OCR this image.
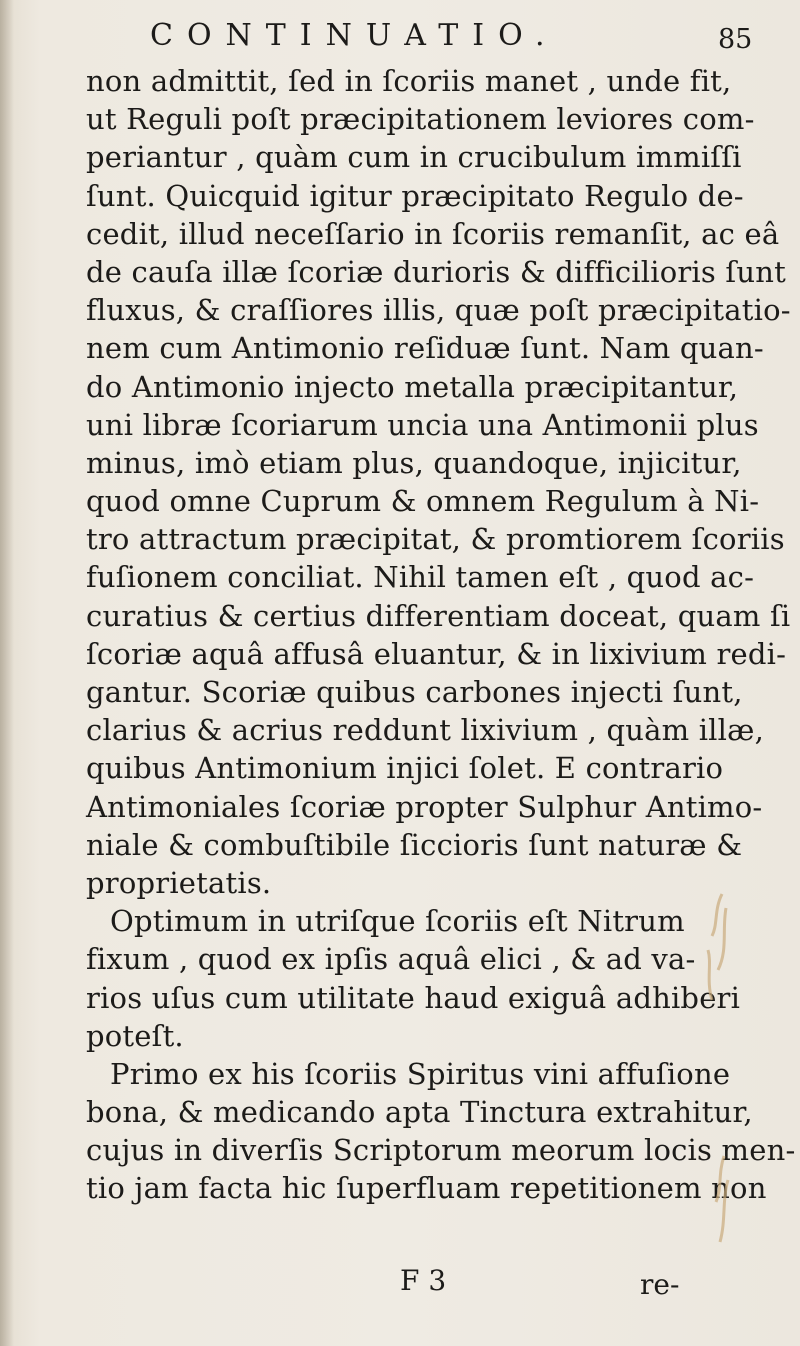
CONTINUATIO.	85
non admittit, ſed in ſcoriis manet , unde fit,
ut Reguli poſt præcipitationem leviores com-
periantur , quàm cum in crucibulum immiſſi
ſunt. Quicquid igitur præcipitato Regulo de-
cedit, illud neceſſario in ſcoriis remanſit, ac eâ
de cauſa illæ ſcoriæ durioris & difficilioris ſunt
fluxus, & craſſiores illis, quæ poſt præcipitatio-
nem cum Antimonio reſiduæ ſunt. Nam quan-
do Antimonio injecto metalla præcipitantur,
uni libræ ſcoriarum uncia una Antimonii plus
minus, imò etiam plus, quandoque, injicitur,
quod omne Cuprum & omnem Regulum à Ni-
tro attractum præcipitat, & promtiorem ſcoriis
fuſionem conciliat. Nihil tamen eſt , quod ac-
curatius & certius differentiam doceat, quam ſi
ſcoriæ aquâ affusâ eluantur, & in lixivium redi-
gantur. Scoriæ quibus carbones injecti ſunt,
clarius & acrius reddunt lixivium , quàm illæ,
quibus Antimonium injici ſolet. E contrario
Antimoniales ſcoriæ propter Sulphur Antimo-
niale & combuſtibile ſiccioris ſunt naturæ &
proprietatis.
Optimum in utriſque ſcoriis eſt Nitrum
fixum , quod ex ipſis aquâ elici , & ad va-
rios uſus cum utilitate haud exiguâ adhiberi
poteſt.
Primo ex his ſcoriis Spiritus vini affuſione
bona, & medicando apta Tinctura extrahitur,
cujus in diverſis Scriptorum meorum locis men-
tio jam facta hic ſuperfluam repetitionem non
F 3	re-
